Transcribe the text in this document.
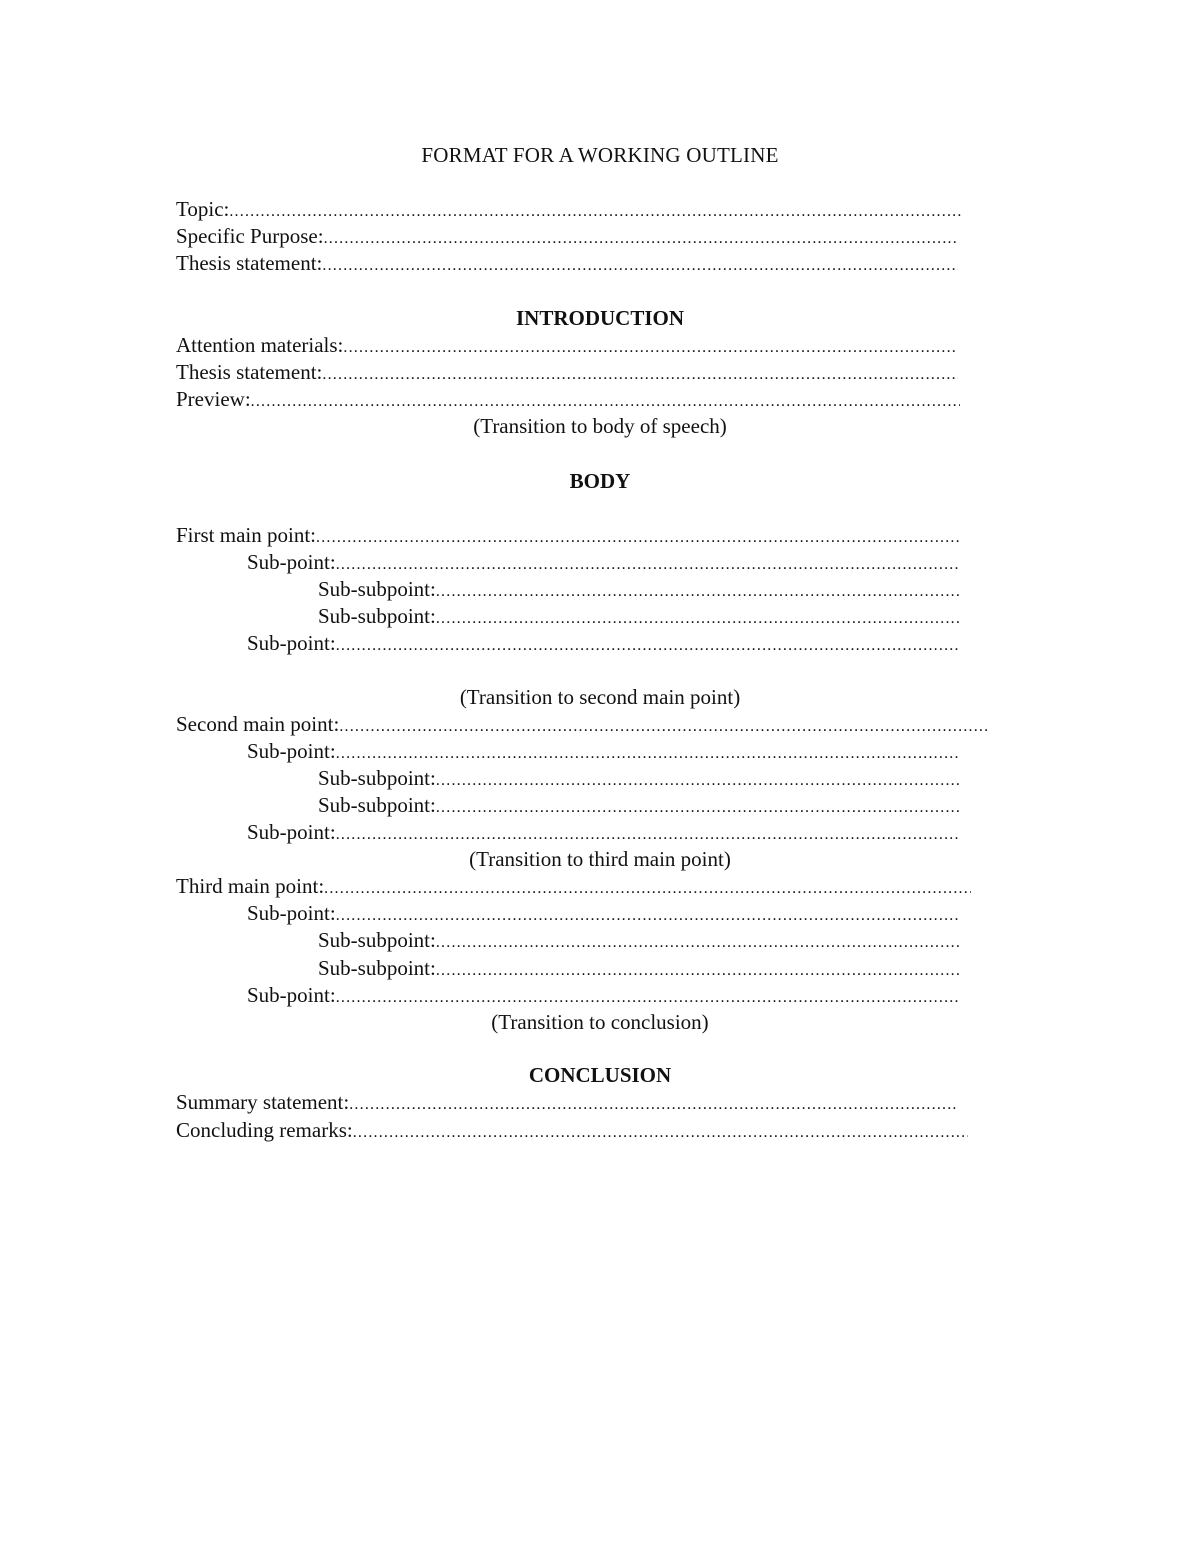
FORMAT FOR A WORKING OUTLINE
Topic:
.....
Specific Purpose:
.....
Thesis statement:
.....
INTRODUCTION
Attention materials:
.....
Thesis statement:
.....
Preview:
.....
(Transition to body of speech)
BODY
First main point:
.....
Sub-point:
.....
Sub-subpoint:
.....
Sub-subpoint:
.....
Sub-point:
.....
(Transition to second main point)
Second main point:
.....
Sub-point:
.....
Sub-subpoint:
.....
Sub-subpoint:
.....
Sub-point:
.....
(Transition to third main point)
Third main point:
.....
Sub-point:
.....
Sub-subpoint:
.....
Sub-subpoint:
.....
Sub-point:
.....
(Transition to conclusion)
CONCLUSION
Summary statement:
.....
Concluding remarks:
.....
